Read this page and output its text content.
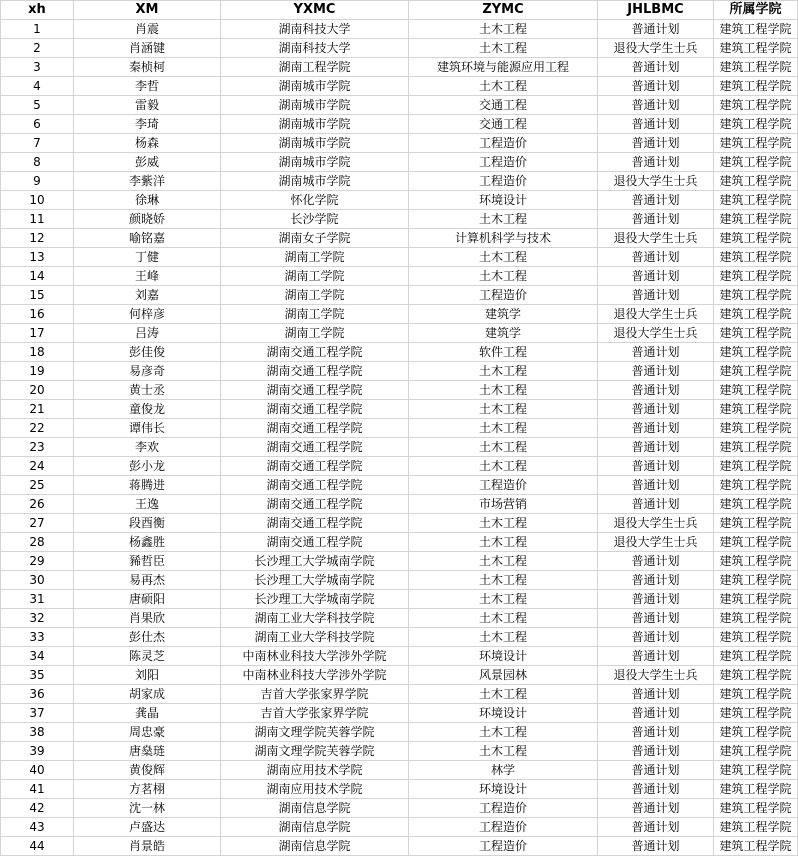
xh	XM	YXMC	ZYMC	JHLBMC	所属学院
1	肖震	湖南科技大学	土木工程	普通计划	建筑工程学院
2	肖涵键	湖南科技大学	土木工程	退役大学生士兵	建筑工程学院
3	秦桢柯	湖南工程学院	建筑环境与能源应用工程	普通计划	建筑工程学院
4	李哲	湖南城市学院	土木工程	普通计划	建筑工程学院
5	雷毅	湖南城市学院	交通工程	普通计划	建筑工程学院
6	李琦	湖南城市学院	交通工程	普通计划	建筑工程学院
7	杨森	湖南城市学院	工程造价	普通计划	建筑工程学院
8	彭威	湖南城市学院	工程造价	普通计划	建筑工程学院
9	李紫洋	湖南城市学院	工程造价	退役大学生士兵	建筑工程学院
10	徐琳	怀化学院	环境设计	普通计划	建筑工程学院
11	颜晓娇	长沙学院	土木工程	普通计划	建筑工程学院
12	喻铭嘉	湖南女子学院	计算机科学与技术	退役大学生士兵	建筑工程学院
13	丁健	湖南工学院	土木工程	普通计划	建筑工程学院
14	王峰	湖南工学院	土木工程	普通计划	建筑工程学院
15	刘嘉	湖南工学院	工程造价	普通计划	建筑工程学院
16	何梓彦	湖南工学院	建筑学	退役大学生士兵	建筑工程学院
17	吕涛	湖南工学院	建筑学	退役大学生士兵	建筑工程学院
18	彭佳俊	湖南交通工程学院	软件工程	普通计划	建筑工程学院
19	易彦奇	湖南交通工程学院	土木工程	普通计划	建筑工程学院
20	黄士丞	湖南交通工程学院	土木工程	普通计划	建筑工程学院
21	童俊龙	湖南交通工程学院	土木工程	普通计划	建筑工程学院
22	谭伟长	湖南交通工程学院	土木工程	普通计划	建筑工程学院
23	李欢	湖南交通工程学院	土木工程	普通计划	建筑工程学院
24	彭小龙	湖南交通工程学院	土木工程	普通计划	建筑工程学院
25	蒋腾进	湖南交通工程学院	工程造价	普通计划	建筑工程学院
26	王逸	湖南交通工程学院	市场营销	普通计划	建筑工程学院
27	段酉衡	湖南交通工程学院	土木工程	退役大学生士兵	建筑工程学院
28	杨鑫胜	湖南交通工程学院	土木工程	退役大学生士兵	建筑工程学院
29	豨哲臣	长沙理工大学城南学院	土木工程	普通计划	建筑工程学院
30	易再杰	长沙理工大学城南学院	土木工程	普通计划	建筑工程学院
31	唐硕阳	长沙理工大学城南学院	土木工程	普通计划	建筑工程学院
32	肖果欣	湖南工业大学科技学院	土木工程	普通计划	建筑工程学院
33	彭仕杰	湖南工业大学科技学院	土木工程	普通计划	建筑工程学院
34	陈灵芝	中南林业科技大学涉外学院	环境设计	普通计划	建筑工程学院
35	刘阳	中南林业科技大学涉外学院	风景园林	退役大学生士兵	建筑工程学院
36	胡家成	吉首大学张家界学院	土木工程	普通计划	建筑工程学院
37	龚晶	吉首大学张家界学院	环境设计	普通计划	建筑工程学院
38	周忠豪	湖南文理学院芙蓉学院	土木工程	普通计划	建筑工程学院
39	唐燊琏	湖南文理学院芙蓉学院	土木工程	普通计划	建筑工程学院
40	黄俊辉	湖南应用技术学院	林学	普通计划	建筑工程学院
41	方茗栩	湖南应用技术学院	环境设计	普通计划	建筑工程学院
42	沈一林	湖南信息学院	工程造价	普通计划	建筑工程学院
43	卢盛达	湖南信息学院	工程造价	普通计划	建筑工程学院
44	肖景皓	湖南信息学院	工程造价	普通计划	建筑工程学院
